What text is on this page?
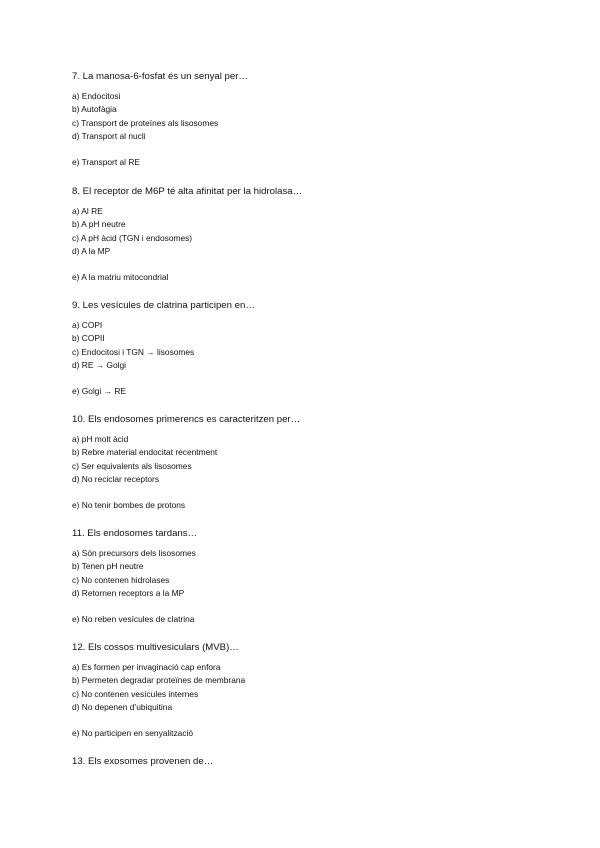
7. La manosa-6-fosfat és un senyal per…
a) Endocitosi
b) Autofàgia
c) Transport de proteïnes als lisosomes
d) Transport al nucli
e) Transport al RE
8. El receptor de M6P té alta afinitat per la hidrolasa…
a) Al RE
b) A pH neutre
c) A pH àcid (TGN i endosomes)
d) A la MP
e) A la matriu mitocondrial
9. Les vesícules de clatrina participen en…
a) COPI
b) COPII
c) Endocitosi i TGN → lisosomes
d) RE → Golgi
e) Golgi → RE
10. Els endosomes primerencs es caracteritzen per…
a) pH molt àcid
b) Rebre material endocitat recentment
c) Ser equivalents als lisosomes
d) No reciclar receptors
e) No tenir bombes de protons
11. Els endosomes tardans…
a) Són precursors dels lisosomes
b) Tenen pH neutre
c) No contenen hidrolases
d) Retornen receptors a la MP
e) No reben vesícules de clatrina
12. Els cossos multivesiculars (MVB)…
a) Es formen per invaginació cap enfora
b) Permeten degradar proteïnes de membrana
c) No contenen vesícules internes
d) No depenen d’ubiquitina
e) No participen en senyalització
13. Els exosomes provenen de…
